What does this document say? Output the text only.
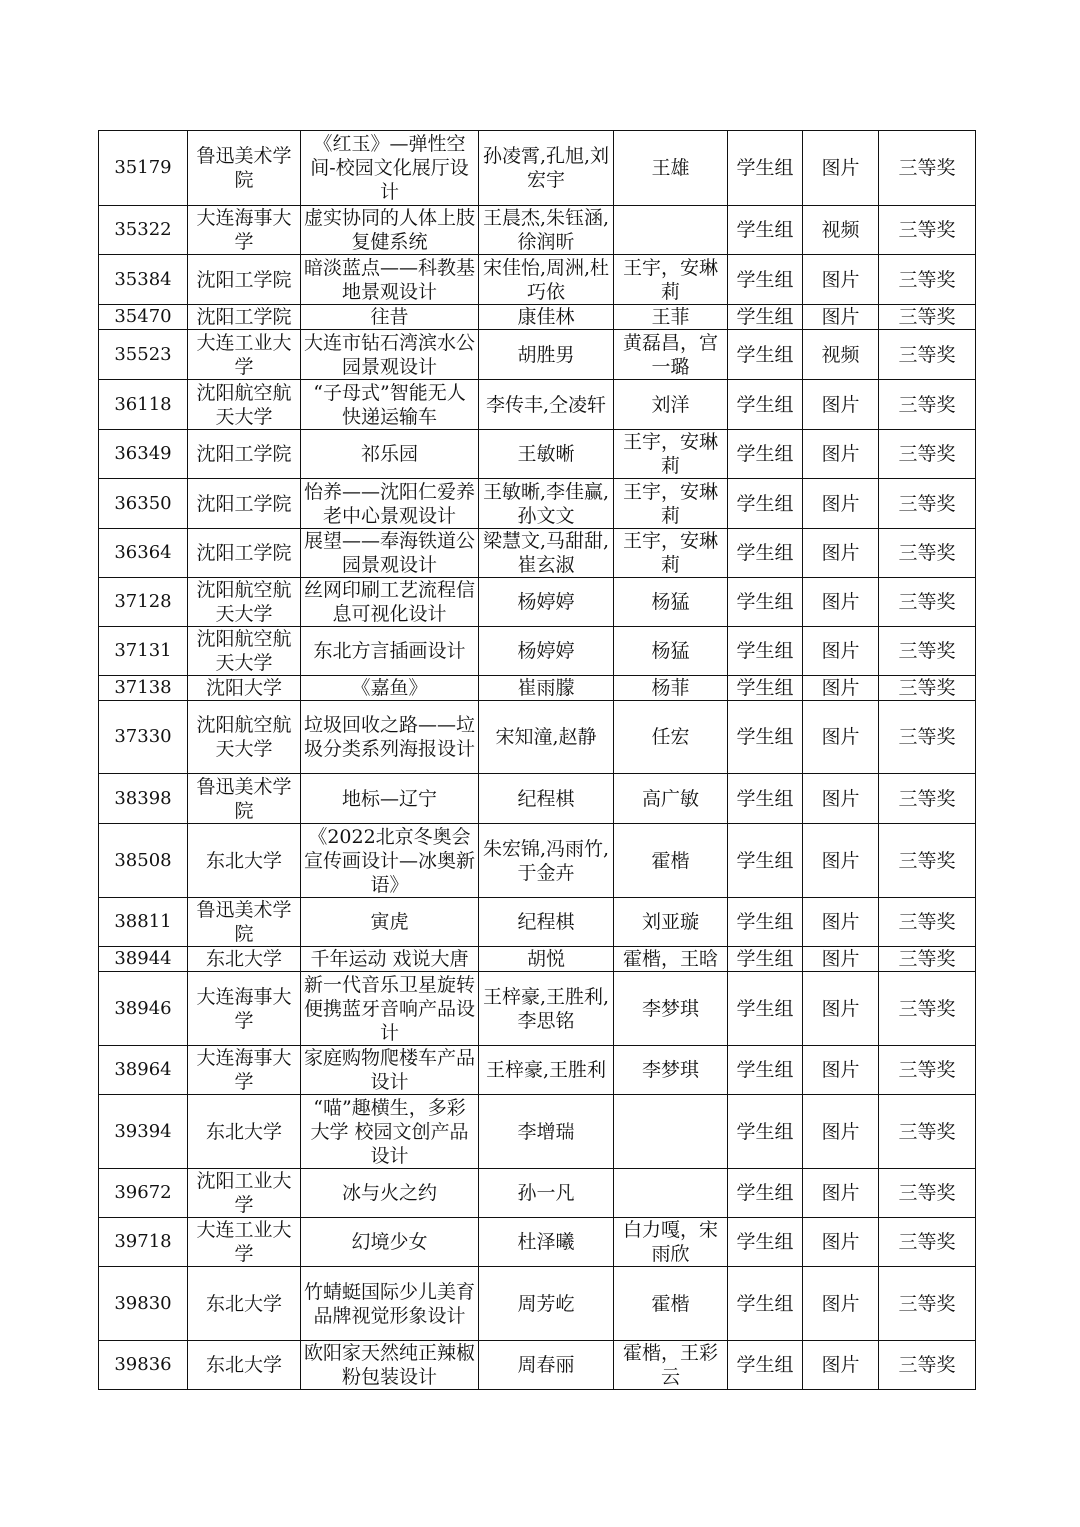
35179	鲁迅美术学院	《红玉》—弹性空间-校园文化展厅设计	孙凌霄,孔旭,刘宏宇	王雄	学生组	图片	三等奖
35322	大连海事大学	虚实协同的人体上肢复健系统	王晨杰,朱钰涵,徐润昕		学生组	视频	三等奖
35384	沈阳工学院	暗淡蓝点——科教基地景观设计	宋佳怡,周洲,杜巧依	王宇，安琳莉	学生组	图片	三等奖
35470	沈阳工学院	往昔	康佳林	王菲	学生组	图片	三等奖
35523	大连工业大学	大连市钻石湾滨水公园景观设计	胡胜男	黄磊昌，宫一璐	学生组	视频	三等奖
36118	沈阳航空航天大学	“子母式”智能无人快递运输车	李传丰,仝凌轩	刘洋	学生组	图片	三等奖
36349	沈阳工学院	祁乐园	王敏晰	王宇，安琳莉	学生组	图片	三等奖
36350	沈阳工学院	怡养——沈阳仁爱养老中心景观设计	王敏晰,李佳赢,孙文文	王宇，安琳莉	学生组	图片	三等奖
36364	沈阳工学院	展望——奉海铁道公园景观设计	梁慧文,马甜甜,崔玄淑	王宇，安琳莉	学生组	图片	三等奖
37128	沈阳航空航天大学	丝网印刷工艺流程信息可视化设计	杨婷婷	杨猛	学生组	图片	三等奖
37131	沈阳航空航天大学	东北方言插画设计	杨婷婷	杨猛	学生组	图片	三等奖
37138	沈阳大学	《嘉鱼》	崔雨朦	杨菲	学生组	图片	三等奖
37330	沈阳航空航天大学	垃圾回收之路——垃圾分类系列海报设计	宋知潼,赵静	任宏	学生组	图片	三等奖
38398	鲁迅美术学院	地标—辽宁	纪程棋	高广敏	学生组	图片	三等奖
38508	东北大学	《2022北京冬奥会宣传画设计—冰奥新语》	朱宏锦,冯雨竹,于金卉	霍楷	学生组	图片	三等奖
38811	鲁迅美术学院	寅虎	纪程棋	刘亚璇	学生组	图片	三等奖
38944	东北大学	千年运动 戏说大唐	胡悦	霍楷，王晗	学生组	图片	三等奖
38946	大连海事大学	新一代音乐卫星旋转便携蓝牙音响产品设计	王梓豪,王胜利,李思铭	李梦琪	学生组	图片	三等奖
38964	大连海事大学	家庭购物爬楼车产品设计	王梓豪,王胜利	李梦琪	学生组	图片	三等奖
39394	东北大学	“喵”趣横生，多彩大学 校园文创产品设计	李增瑞		学生组	图片	三等奖
39672	沈阳工业大学	冰与火之约	孙一凡		学生组	图片	三等奖
39718	大连工业大学	幻境少女	杜泽曦	白力嘎，宋雨欣	学生组	图片	三等奖
39830	东北大学	竹蜻蜓国际少儿美育品牌视觉形象设计	周芳屹	霍楷	学生组	图片	三等奖
39836	东北大学	欧阳家天然纯正辣椒粉包装设计	周春丽	霍楷，王彩云	学生组	图片	三等奖
